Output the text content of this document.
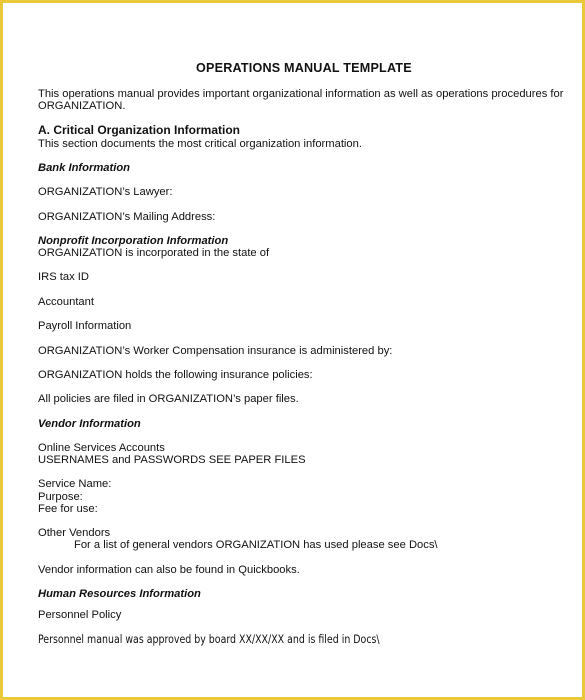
OPERATIONS MANUAL TEMPLATE
This operations manual provides important organizational information as well as operations procedures for
ORGANIZATION.
A. Critical Organization Information
This section documents the most critical organization information.
Bank Information
ORGANIZATION’s Lawyer:
ORGANIZATION’s Mailing Address:
Nonprofit Incorporation Information
ORGANIZATION is incorporated in the state of
IRS tax ID
Accountant
Payroll Information
ORGANIZATION’s Worker Compensation insurance is administered by:
ORGANIZATION holds the following insurance policies:
All policies are filed in ORGANIZATION’s paper files.
Vendor Information
Online Services Accounts
USERNAMES and PASSWORDS SEE PAPER FILES
Service Name:
Purpose:
Fee for use:
Other Vendors
For a list of general vendors ORGANIZATION has used please see Docs\
Vendor information can also be found in Quickbooks.
Human Resources Information
Personnel Policy
Personnel manual was approved by board XX/XX/XX and is filed in Docs\
